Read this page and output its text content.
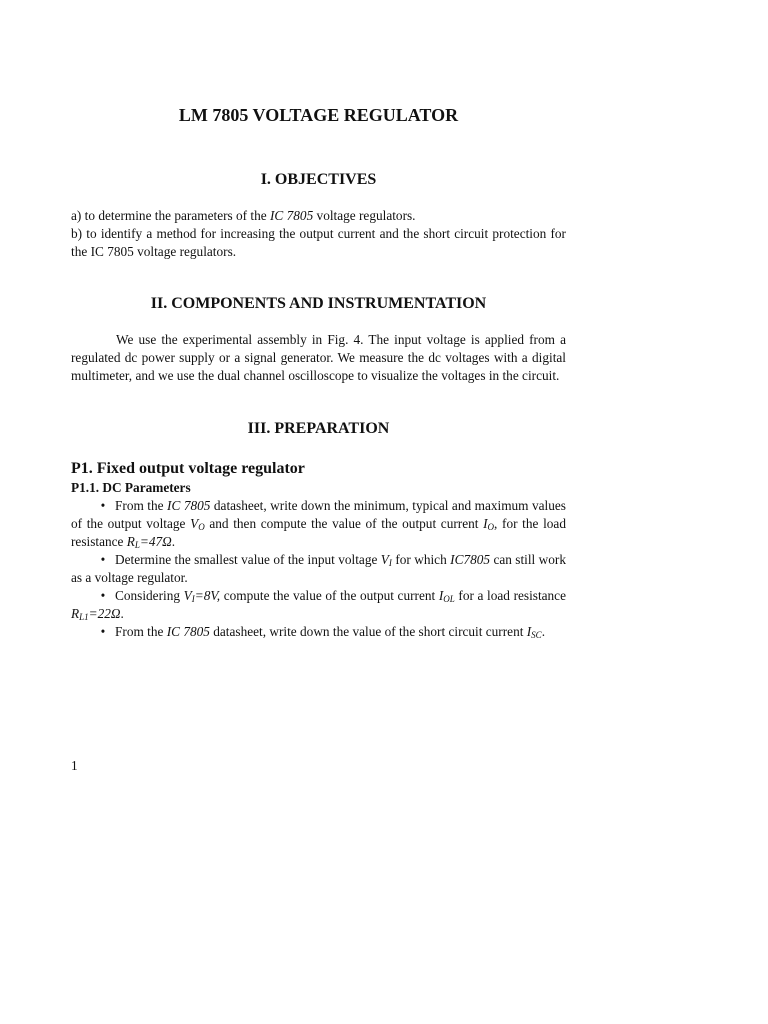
LM 7805 VOLTAGE REGULATOR
I. OBJECTIVES
a) to determine the parameters of the IC 7805 voltage regulators.
b) to identify a method for increasing the output current and the short circuit protection for the IC 7805 voltage regulators.
II. COMPONENTS AND INSTRUMENTATION
We use the experimental assembly in Fig. 4. The input voltage is applied from a regulated dc power supply or a signal generator. We measure the dc voltages with a digital multimeter, and we use the dual channel oscilloscope to visualize the voltages in the circuit.
III. PREPARATION
P1. Fixed output voltage regulator
P1.1. DC Parameters
• From the IC 7805 datasheet, write down the minimum, typical and maximum values of the output voltage $V_O$ and then compute the value of the output current $I_O$, for the load resistance $R_L=47\Omega$.
• Determine the smallest value of the input voltage $V_I$ for which IC7805 can still work as a voltage regulator.
• Considering $V_I=8V$, compute the value of the output current $I_{OL}$ for a load resistance $R_{L1}=22\Omega$.
• From the IC 7805 datasheet, write down the value of the short circuit current $I_{SC}$.
1
